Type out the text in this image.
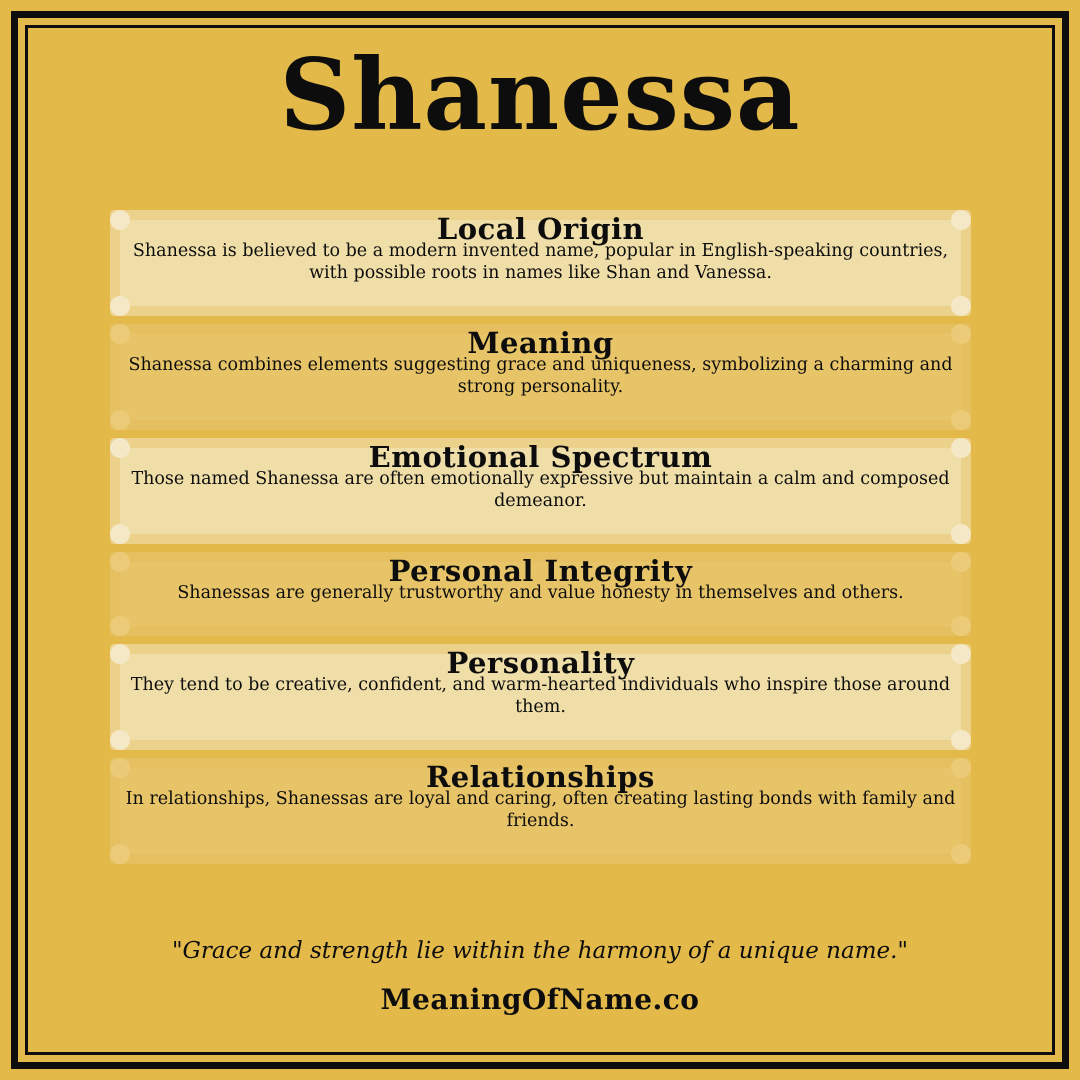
Shanessa
Local Origin

Shanessa is believed to be a modern invented name, popular in English-speaking countries, with possible roots in names like Shan and Vanessa.

Meaning

Shanessa combines elements suggesting grace and uniqueness, symbolizing a charming and strong personality.

Emotional Spectrum

Those named Shanessa are often emotionally expressive but maintain a calm and composed demeanor.

Personal Integrity

Shanessas are generally trustworthy and value honesty in themselves and others.

Personality

They tend to be creative, confident, and warm-hearted individuals who inspire those around them.

Relationships

In relationships, Shanessas are loyal and caring, often creating lasting bonds with family and friends.

"Grace and strength lie within the harmony of a unique name."
MeaningOfName.co
